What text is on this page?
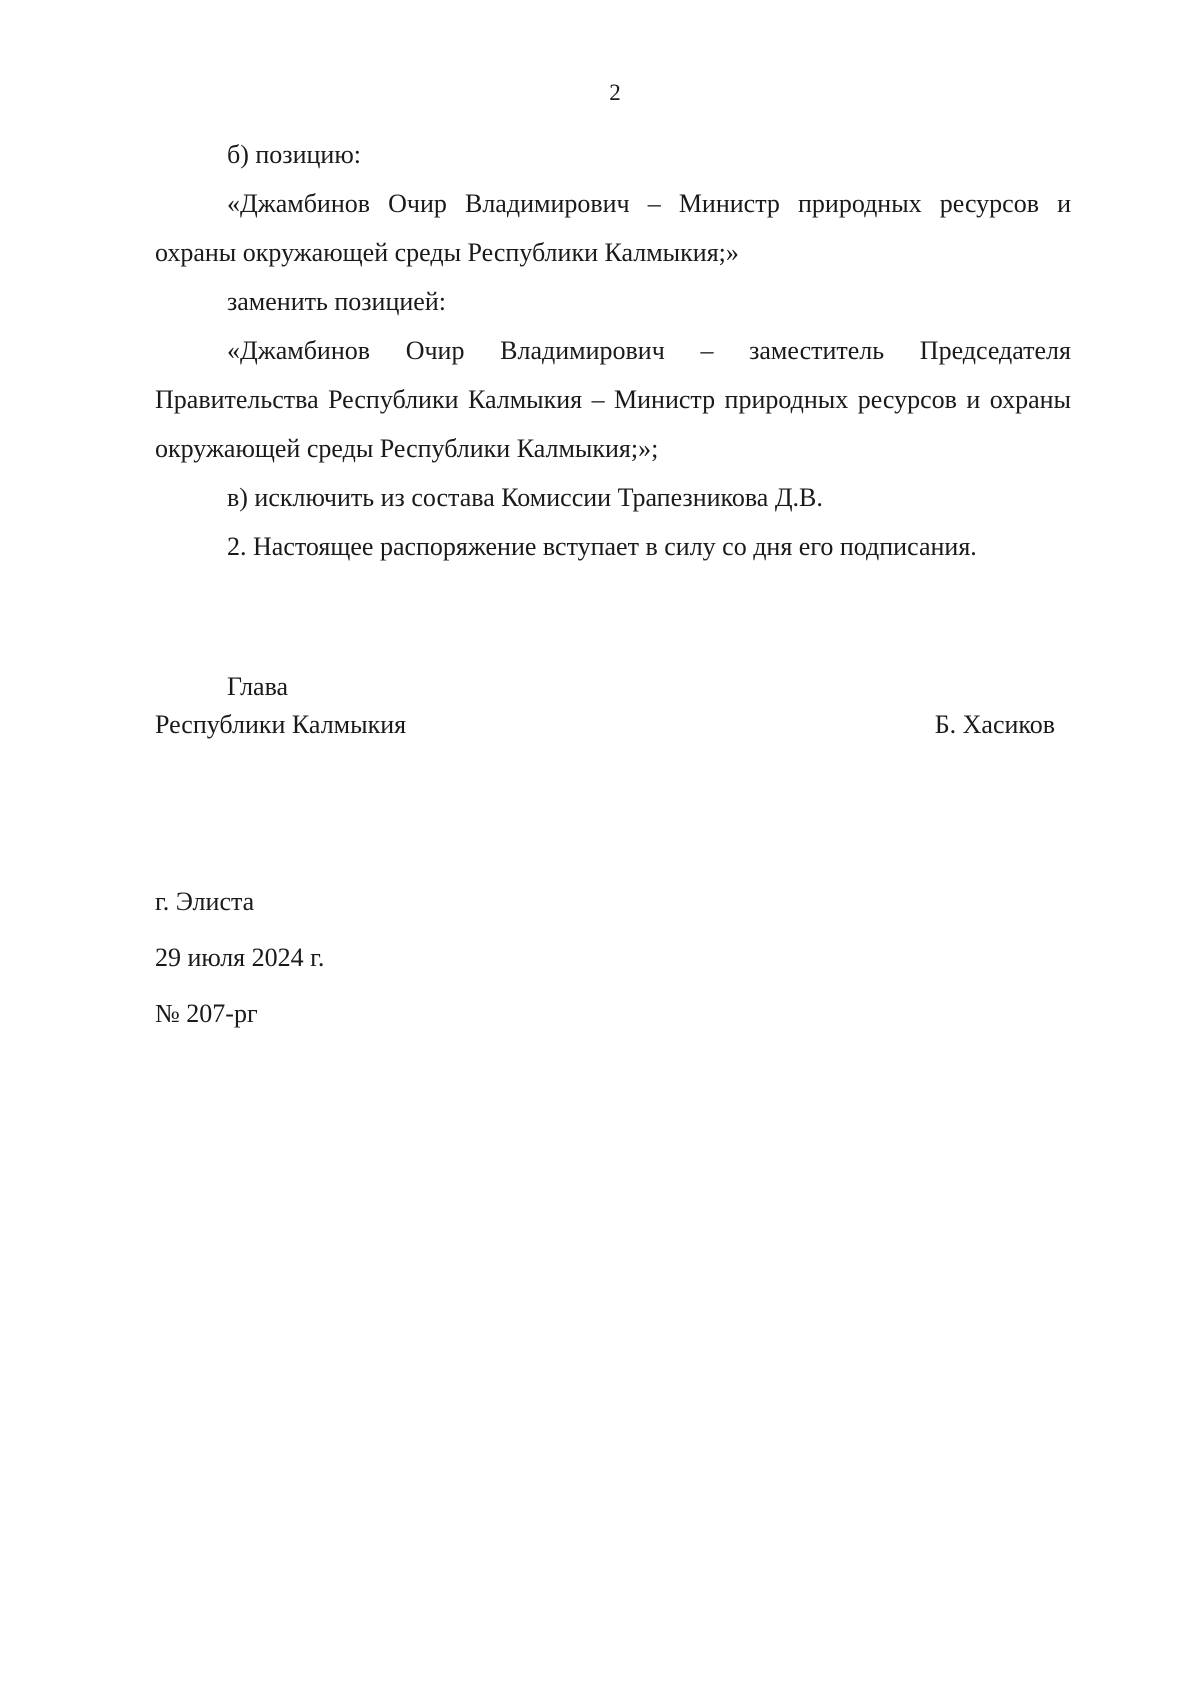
2

б) позицию:

«Джамбинов Очир Владимирович – Министр природных ресурсов и охраны окружающей среды Республики Калмыкия;»

заменить позицией:

«Джамбинов Очир Владимирович – заместитель Председателя Правительства Республики Калмыкия – Министр природных ресурсов и охраны окружающей среды Республики Калмыкия;»;

в) исключить из состава Комиссии Трапезникова Д.В.

2. Настоящее распоряжение вступает в силу со дня его подписания.

Глава
Республики Калмыкия	Б. Хасиков
г. Элиста
29 июля 2024 г.
№ 207-рг
